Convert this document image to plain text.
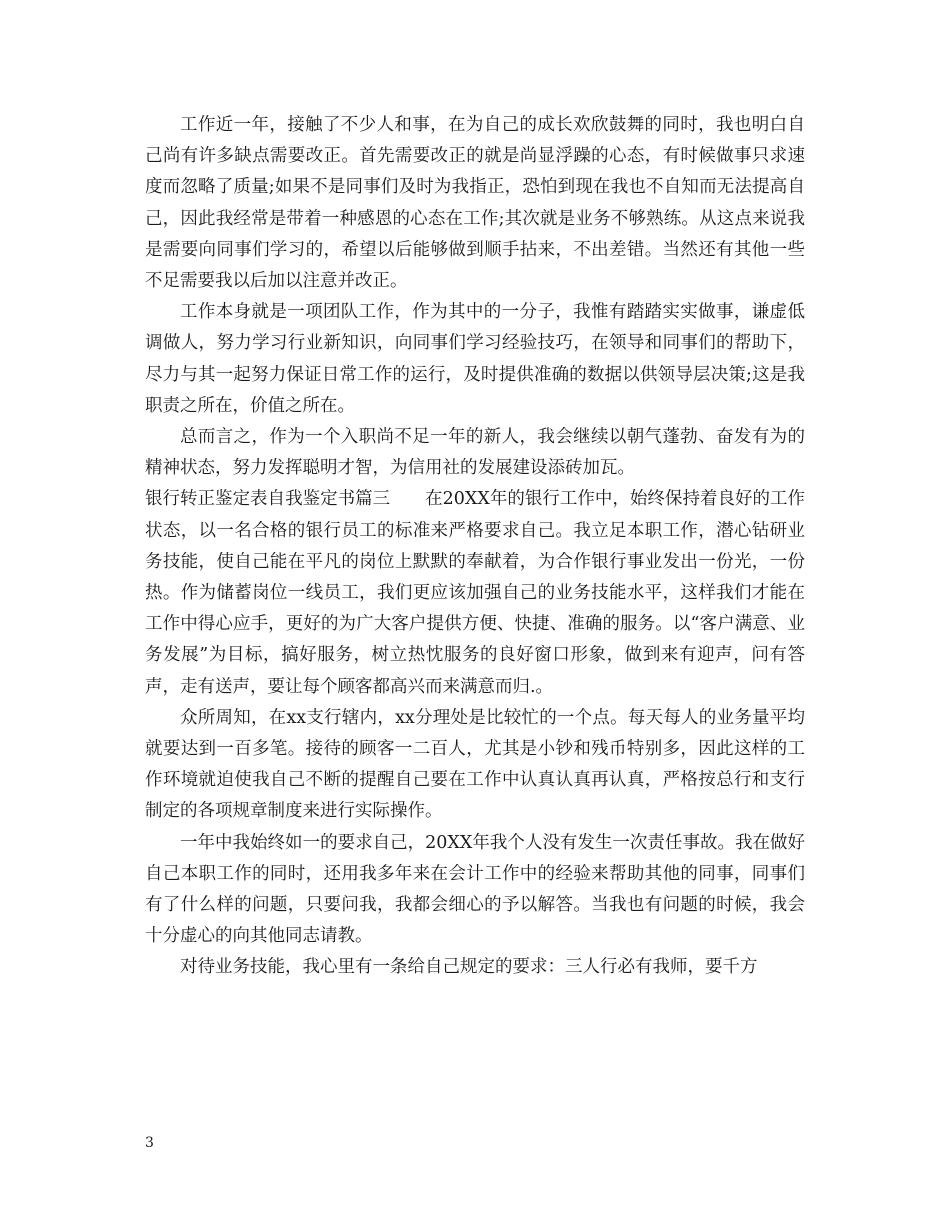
工作近一年，接触了不少人和事，在为自己的成长欢欣鼓舞的同时，我也明白自己尚有许多缺点需要改正。首先需要改正的就是尚显浮躁的心态，有时候做事只求速度而忽略了质量;如果不是同事们及时为我指正，恐怕到现在我也不自知而无法提高自己，因此我经常是带着一种感恩的心态在工作;其次就是业务不够熟练。从这点来说我是需要向同事们学习的，希望以后能够做到顺手拈来，不出差错。当然还有其他一些不足需要我以后加以注意并改正。

工作本身就是一项团队工作，作为其中的一分子，我惟有踏踏实实做事，谦虚低调做人，努力学习行业新知识，向同事们学习经验技巧，在领导和同事们的帮助下，尽力与其一起努力保证日常工作的运行，及时提供准确的数据以供领导层决策;这是我职责之所在，价值之所在。

总而言之，作为一个入职尚不足一年的新人，我会继续以朝气蓬勃、奋发有为的精神状态，努力发挥聪明才智，为信用社的发展建设添砖加瓦。

银行转正鉴定表自我鉴定书篇三　　在20XX年的银行工作中，始终保持着良好的工作状态，以一名合格的银行员工的标准来严格要求自己。我立足本职工作，潜心钻研业务技能，使自己能在平凡的岗位上默默的奉献着，为合作银行事业发出一份光，一份热。作为储蓄岗位一线员工，我们更应该加强自己的业务技能水平，这样我们才能在工作中得心应手，更好的为广大客户提供方便、快捷、准确的服务。以“客户满意、业务发展”为目标，搞好服务，树立热忱服务的良好窗口形象，做到来有迎声，问有答声，走有送声，要让每个顾客都高兴而来满意而归.。

众所周知，在xx支行辖内，xx分理处是比较忙的一个点。每天每人的业务量平均就要达到一百多笔。接待的顾客一二百人，尤其是小钞和残币特别多，因此这样的工作环境就迫使我自己不断的提醒自己要在工作中认真认真再认真，严格按总行和支行制定的各项规章制度来进行实际操作。

一年中我始终如一的要求自己，20XX年我个人没有发生一次责任事故。我在做好自己本职工作的同时，还用我多年来在会计工作中的经验来帮助其他的同事，同事们有了什么样的问题，只要问我，我都会细心的予以解答。当我也有问题的时候，我会十分虚心的向其他同志请教。

对待业务技能，我心里有一条给自己规定的要求：三人行必有我师，要千方

3
